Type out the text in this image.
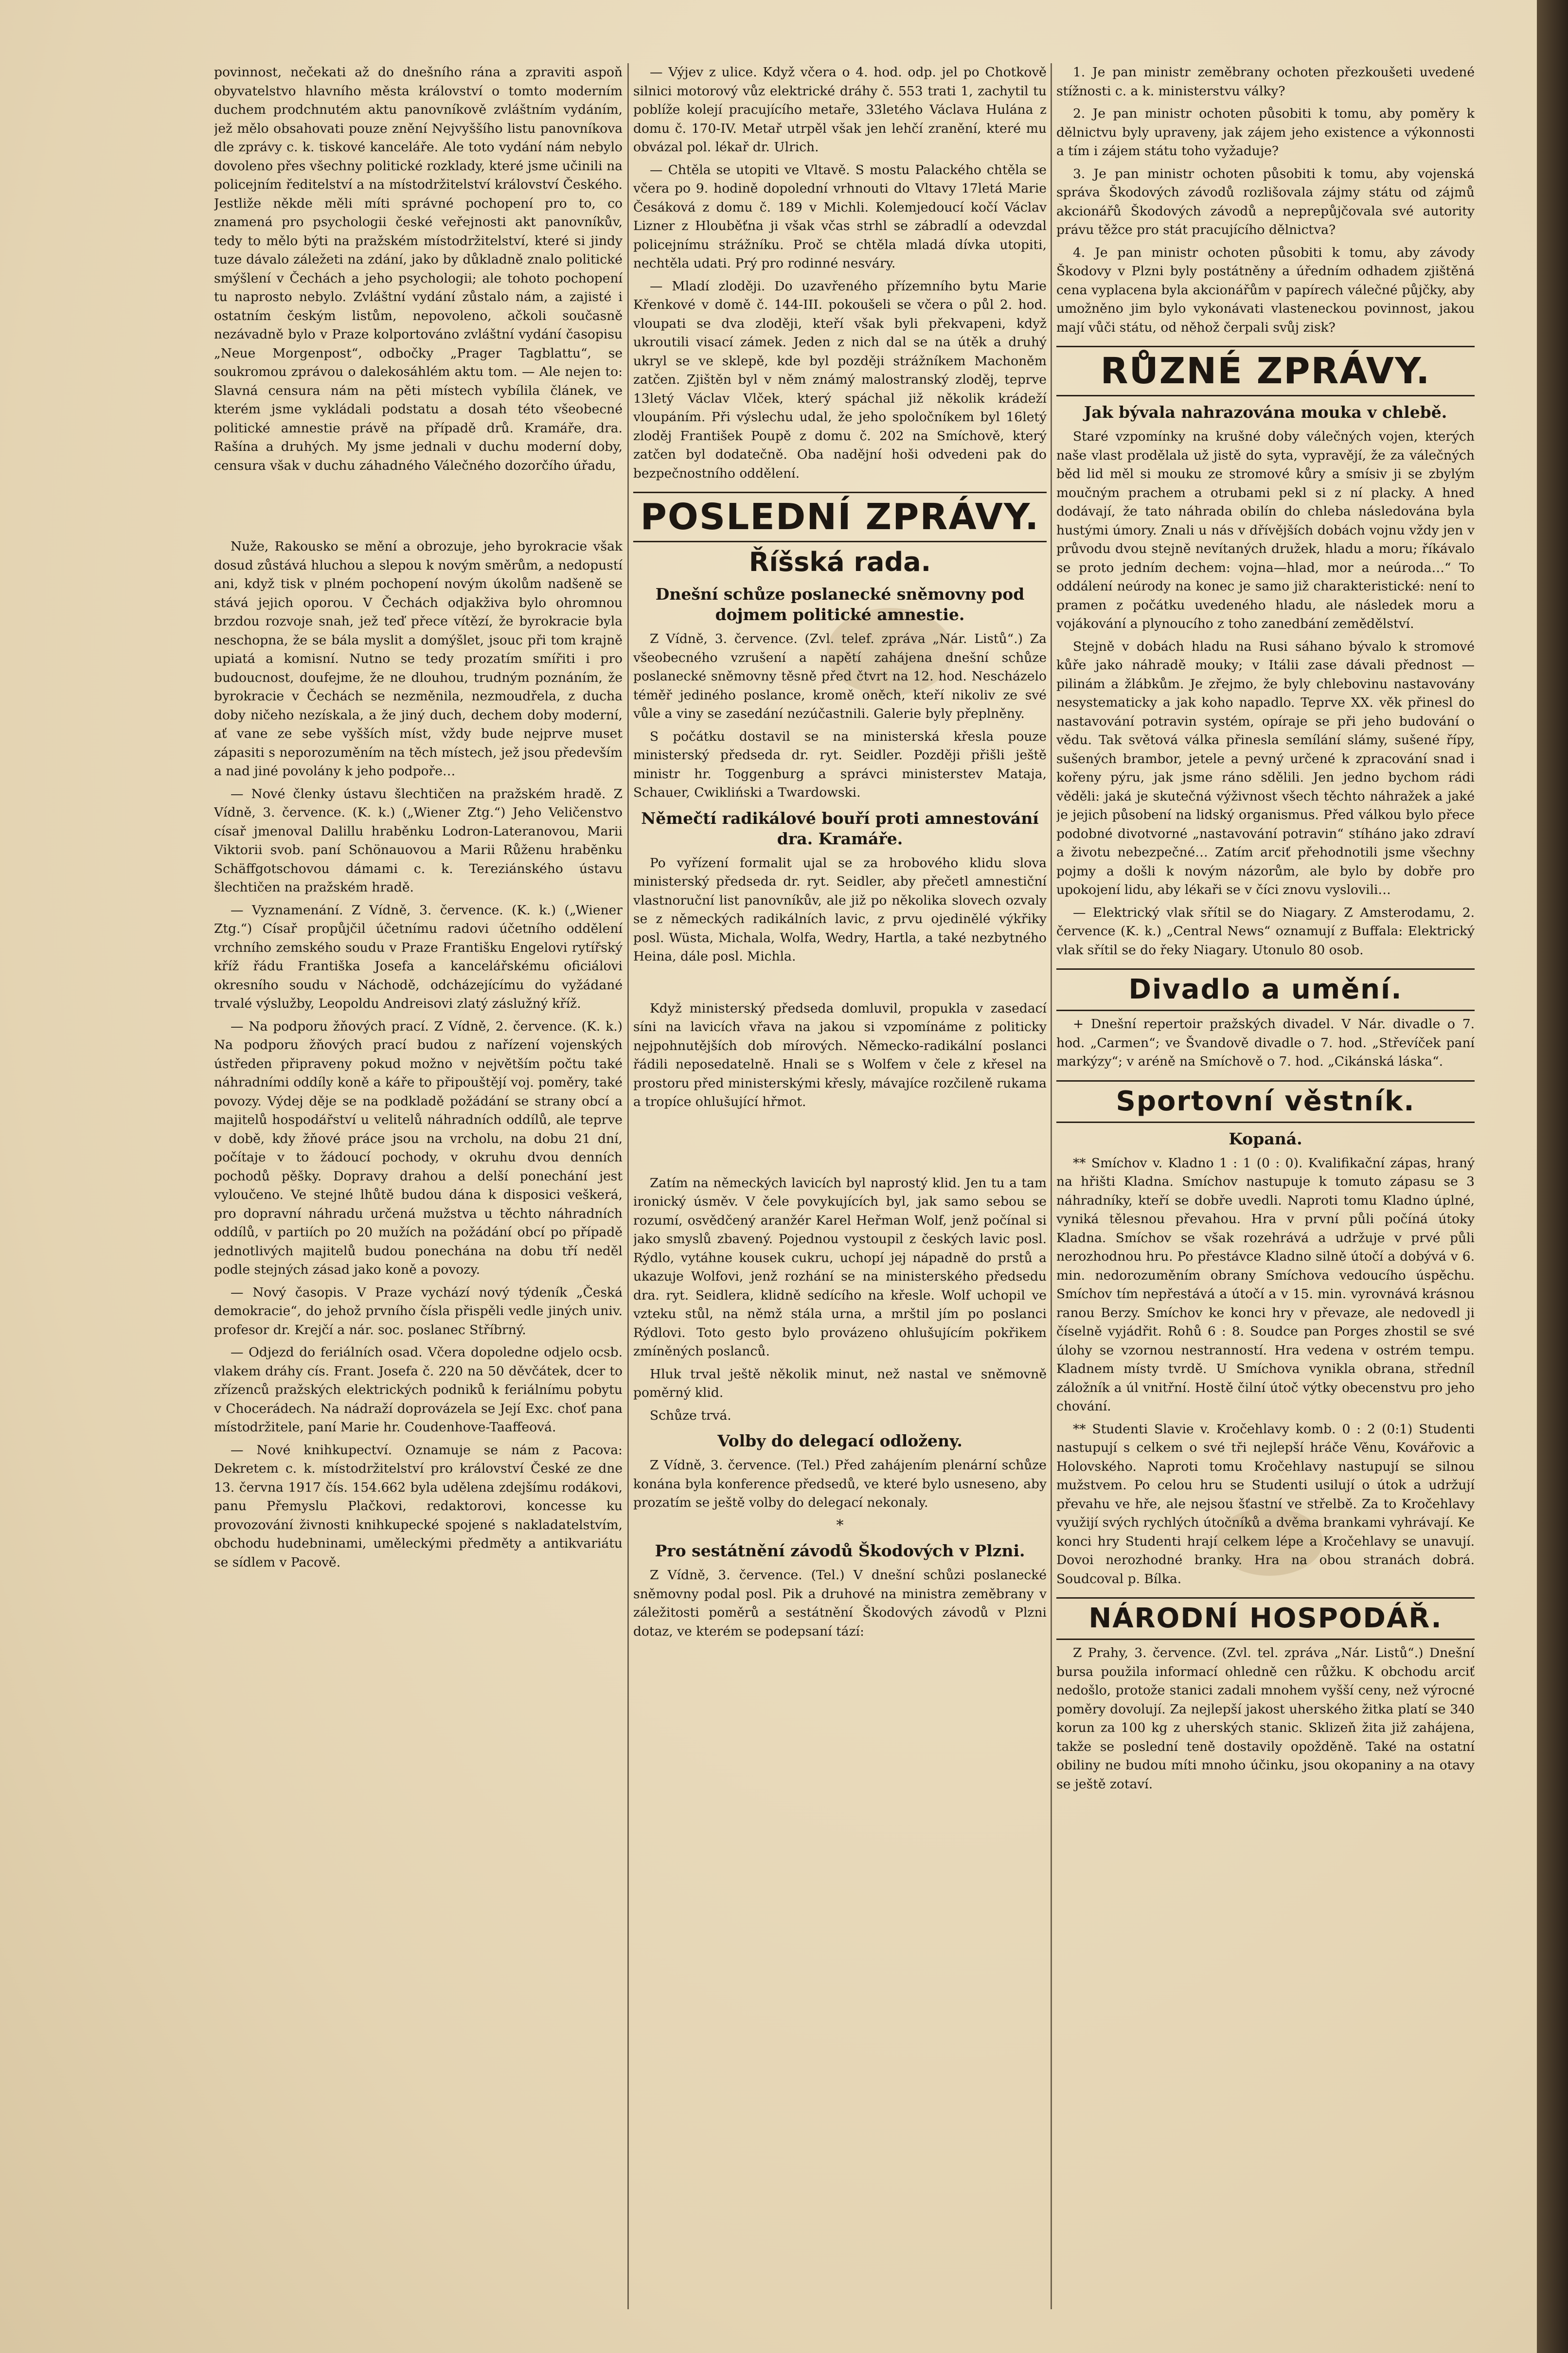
povinnost, nečekati až do dnešního rána a zpraviti aspoň obyvatelstvo hlavního města království o tomto moderním duchem prodchnutém aktu panovníkově zvláštním vydáním, jež mělo obsahovati pouze znění Nejvyššího listu panovníkova dle zprávy c. k. tiskové kanceláře. Ale toto vydání nám nebylo dovoleno přes všechny politické rozklady, které jsme učinili na policejním ředitelství a na místodržitelství království Českého. Jestliže někde měli míti správné pochopení pro to, co znamená pro psychologii české veřejnosti akt panovníkův, tedy to mělo býti na pražském místodržitelství, které si jindy tuze dávalo záležeti na zdání, jako by důkladně znalo politické smýšlení v Čechách a jeho psychologii; ale tohoto pochopení tu naprosto nebylo. Zvláštní vydání zůstalo nám, a zajisté i ostatním českým listům, nepovoleno, ačkoli současně nezávadně bylo v Praze kolportováno zvláštní vydání časopisu „Neue Morgenpost“, odbočky „Prager Tagblattu“, se soukromou zprávou o dalekosáhlém aktu tom. — Ale nejen to: Slavná censura nám na pěti místech vybílila článek, ve kterém jsme vykládali podstatu a dosah této všeobecné politické amnestie právě na případě drů. Kramáře, dra. Rašína a druhých. My jsme jednali v duchu moderní doby, censura však v duchu záhadného Válečného dozorčího úřadu,

Nuže, Rakousko se mění a obrozuje, jeho byrokracie však dosud zůstává hluchou a slepou k novým směrům, a nedopustí ani, když tisk v plném pochopení novým úkolům nadšeně se stává jejich oporou. V Čechách odjakživa bylo ohromnou brzdou rozvoje snah, jež teď přece vítězí, že byrokracie byla neschopna, že se bála myslit a domýšlet, jsouc při tom krajně upiatá a komisní. Nutno se tedy prozatím smířiti i pro budoucnost, doufejme, že ne dlouhou, trudným poznáním, že byrokracie v Čechách se nezměnila, nezmoudřela, z ducha doby ničeho nezískala, a že jiný duch, dechem doby moderní, ať vane ze sebe vyšších míst, vždy bude nejprve muset zápasiti s neporozuměním na těch místech, jež jsou především a nad jiné povolány k jeho podpoře…

— Nové členky ústavu šlechtičen na pražském hradě. Z Vídně, 3. července. (K. k.) („Wiener Ztg.“) Jeho Veličenstvo císař jmenoval Dalillu hraběnku Lodron-Lateranovou, Marii Viktorii svob. paní Schönauovou a Marii Růženu hraběnku Schäffgotschovou dámami c. k. Tereziánského ústavu šlechtičen na pražském hradě.

— Vyznamenání. Z Vídně, 3. července. (K. k.) („Wiener Ztg.“) Císař propůjčil účetnímu radovi účetního oddělení vrchního zemského soudu v Praze Františku Engelovi rytířský kříž řádu Františka Josefa a kancelářskému oficiálovi okresního soudu v Náchodě, odcházejícímu do vyžádané trvalé výslužby, Leopoldu Andreisovi zlatý záslužný kříž.

— Na podporu žňových prací. Z Vídně, 2. července. (K. k.) Na podporu žňových prací budou z nařízení vojenských ústředen připraveny pokud možno v největším počtu také náhradními oddíly koně a káře to připouštějí voj. poměry, také povozy. Výdej děje se na podkladě požádání se strany obcí a majitelů hospodářství u velitelů náhradních oddílů, ale teprve v době, kdy žňové práce jsou na vrcholu, na dobu 21 dní, počítaje v to žádoucí pochody, v okruhu dvou denních pochodů pěšky. Dopravy drahou a delší ponechání jest vyloučeno. Ve stejné lhůtě budou dána k disposici veškerá, pro dopravní náhradu určená mužstva u těchto náhradních oddílů, v partiích po 20 mužích na požádání obcí po případě jednotlivých majitelů budou ponechána na dobu tří neděl podle stejných zásad jako koně a povozy.

— Nový časopis. V Praze vychází nový týdeník „Česká demokracie“, do jehož prvního čísla přispěli vedle jiných univ. profesor dr. Krejčí a nár. soc. poslanec Stříbrný.

— Odjezd do feriálních osad. Včera dopoledne odjelo ocsb. vlakem dráhy cís. Frant. Josefa č. 220 na 50 děvčátek, dcer to zřízenců pražských elektrických podniků k feriálnímu pobytu v Chocerádech. Na nádraží doprovázela se Její Exc. choť pana místodržitele, paní Marie hr. Coudenhove-Taaffeová.

— Nové knihkupectví. Oznamuje se nám z Pacova: Dekretem c. k. místodržitelství pro království České ze dne 13. června 1917 čís. 154.662 byla udělena zdejšímu rodákovi, panu Přemyslu Plačkovi, redaktorovi, koncesse ku provozování živnosti knihkupecké spojené s nakladatelstvím, obchodu hudebninami, uměleckými předměty a antikvariátu se sídlem v Pacově.

— Výjev z ulice. Když včera o 4. hod. odp. jel po Chotkově silnici motorový vůz elektrické dráhy č. 553 trati 1, zachytil tu poblíže kolejí pracujícího metaře, 33letého Václava Hulána z domu č. 170-IV. Metař utrpěl však jen lehčí zranění, které mu obvázal pol. lékař dr. Ulrich.

— Chtěla se utopiti ve Vltavě. S mostu Palackého chtěla se včera po 9. hodině dopolední vrhnouti do Vltavy 17letá Marie Česáková z domu č. 189 v Michli. Kolemjedoucí kočí Václav Lizner z Hlouběťna ji však včas strhl se zábradlí a odevzdal policejnímu strážníku. Proč se chtěla mladá dívka utopiti, nechtěla udati. Prý pro rodinné nesváry.

— Mladí zloději. Do uzavřeného přízemního bytu Marie Křenkové v domě č. 144-III. pokoušeli se včera o půl 2. hod. vloupati se dva zloději, kteří však byli překvapeni, když ukroutili visací zámek. Jeden z nich dal se na útěk a druhý ukryl se ve sklepě, kde byl později strážníkem Machoněm zatčen. Zjištěn byl v něm známý malostranský zloděj, teprve 13letý Václav Vlček, který spáchal již několik krádeží vloupáním. Při výslechu udal, že jeho spoločníkem byl 16letý zloděj František Poupě z domu č. 202 na Smíchově, který zatčen byl dodatečně. Oba nadějní hoši odvedeni pak do bezpečnostního oddělení.

POSLEDNÍ ZPRÁVY.
Říšská rada.
Dnešní schůze poslanecké sněmovny pod dojmem politické amnestie.

Z Vídně, 3. července. (Zvl. telef. zpráva „Nár. Listů“.) Za všeobecného vzrušení a napětí zahájena dnešní schůze poslanecké sněmovny těsně před čtvrt na 12. hod. Nescházelo téměř jediného poslance, kromě oněch, kteří nikoliv ze své vůle a viny se zasedání nezúčastnili. Galerie byly přeplněny.

S počátku dostavil se na ministerská křesla pouze ministerský předseda dr. ryt. Seidler. Později přišli ještě ministr hr. Toggenburg a správci ministerstev Mataja, Schauer, Cwikliński a Twardowski.

Němečtí radikálové bouří proti amnestování dra. Kramáře.

Po vyřízení formalit ujal se za hrobového klidu slova ministerský předseda dr. ryt. Seidler, aby přečetl amnestiční vlastnoruční list panovníkův, ale již po několika slovech ozvaly se z německých radikálních lavic, z prvu ojedinělé výkřiky posl. Wüsta, Michala, Wolfa, Wedry, Hartla, a také nezbytného Heina, dále posl. Michla.

Když ministerský předseda domluvil, propukla v zasedací síni na lavicích vřava na jakou si vzpomínáme z politicky nejpohnutějších dob mírových. Německo-radikální poslanci řádili neposedatelně. Hnali se s Wolfem v čele z křesel na prostoru před ministerskými křesly, mávajíce rozčileně rukama a tropíce ohlušující hřmot.

Zatím na německých lavicích byl naprostý klid. Jen tu a tam ironický úsměv. V čele povykujících byl, jak samo sebou se rozumí, osvědčený aranžér Karel Heřman Wolf, jenž počínal si jako smyslů zbavený. Pojednou vystoupil z českých lavic posl. Rýdlo, vytáhne kousek cukru, uchopí jej nápadně do prstů a ukazuje Wolfovi, jenž rozhání se na ministerského předsedu dra. ryt. Seidlera, klidně sedícího na křesle. Wolf uchopil ve vzteku stůl, na němž stála urna, a mrštil jím po poslanci Rýdlovi. Toto gesto bylo provázeno ohlušujícím pokřikem zmíněných poslanců.

Hluk trval ještě několik minut, než nastal ve sněmovně poměrný klid.

Schůze trvá.

Volby do delegací odloženy.

Z Vídně, 3. července. (Tel.) Před zahájením plenární schůze konána byla konference předsedů, ve které bylo usneseno, aby prozatím se ještě volby do delegací nekonaly.

*
Pro sestátnění závodů Škodových v Plzni.

Z Vídně, 3. července. (Tel.) V dnešní schůzi poslanecké sněmovny podal posl. Pik a druhové na ministra zeměbrany v záležitosti poměrů a sestátnění Škodových závodů v Plzni dotaz, ve kterém se podepsaní tází:

1. Je pan ministr zeměbrany ochoten přezkoušeti uvedené stížnosti c. a k. ministerstvu války?

2. Je pan ministr ochoten působiti k tomu, aby poměry k dělnictvu byly upraveny, jak zájem jeho existence a výkonnosti a tím i zájem státu toho vyžaduje?

3. Je pan ministr ochoten působiti k tomu, aby vojenská správa Škodových závodů rozlišovala zájmy státu od zájmů akcionářů Škodových závodů a neprepůjčovala své autority právu těžce pro stát pracujícího dělnictva?

4. Je pan ministr ochoten působiti k tomu, aby závody Škodovy v Plzni byly postátněny a úředním odhadem zjištěná cena vyplacena byla akcionářům v papírech válečné půjčky, aby umožněno jim bylo vykonávati vlasteneckou povinnost, jakou mají vůči státu, od něhož čerpali svůj zisk?

RŮZNÉ ZPRÁVY.
Jak bývala nahrazována mouka v chlebě.

Staré vzpomínky na krušné doby válečných vojen, kterých naše vlast prodělala už jistě do syta, vypravějí, že za válečných běd lid měl si mouku ze stromové kůry a smísiv ji se zbylým moučným prachem a otrubami pekl si z ní placky. A hned dodávají, že tato náhrada obilín do chleba následována byla hustými úmory. Znali u nás v dřívějších dobách vojnu vždy jen v průvodu dvou stejně nevítaných družek, hladu a moru; říkávalo se proto jedním dechem: vojna—hlad, mor a neúroda…“ To oddálení neúrody na konec je samo již charakteristické: není to pramen z počátku uvedeného hladu, ale následek moru a vojákování a plynoucího z toho zanedbání zemědělství.

Stejně v dobách hladu na Rusi sáhano bývalo k stromové kůře jako náhradě mouky; v Itálii zase dávali přednost — pilinám a žlábkům. Je zřejmo, že byly chlebovinu nastavovány nesystematicky a jak koho napadlo. Teprve XX. věk přinesl do nastavování potravin systém, opíraje se při jeho budování o vědu. Tak světová válka přinesla semílání slámy, sušené řípy, sušených brambor, jetele a pevný určené k zpracování snad i kořeny pýru, jak jsme ráno sdělili. Jen jedno bychom rádi věděli: jaká je skutečná výživnost všech těchto náhražek a jaké je jejich působení na lidský organismus. Před válkou bylo přece podobné divotvorné „nastavování potravin“ stíháno jako zdraví a životu nebezpečné… Zatím arciť přehodnotili jsme všechny pojmy a došli k novým názorům, ale bylo by dobře pro upokojení lidu, aby lékaři se v číci znovu vyslovili…

— Elektrický vlak sřítil se do Niagary. Z Amsterodamu, 2. července (K. k.) „Central News“ oznamují z Buffala: Elektrický vlak sřítil se do řeky Niagary. Utonulo 80 osob.

Divadlo a umění.

+ Dnešní repertoir pražských divadel. V Nár. divadle o 7. hod. „Carmen“; ve Švandově divadle o 7. hod. „Střevíček paní markýzy“; v aréně na Smíchově o 7. hod. „Cikánská láska“.

Sportovní věstník.
Kopaná.

** Smíchov v. Kladno 1 : 1 (0 : 0). Kvalifikační zápas, hraný na hřišti Kladna. Smíchov nastupuje k tomuto zápasu se 3 náhradníky, kteří se dobře uvedli. Naproti tomu Kladno úplné, vyniká tělesnou převahou. Hra v první půli počíná útoky Kladna. Smíchov se však rozehrává a udržuje v prvé půli nerozhodnou hru. Po přestávce Kladno silně útočí a dobývá v 6. min. nedorozuměním obrany Smíchova vedoucího úspěchu. Smíchov tím nepřestává a útočí a v 15. min. vyrovnává krásnou ranou Berzy. Smíchov ke konci hry v převaze, ale nedovedl ji číselně vyjádřit. Rohů 6 : 8. Soudce pan Porges zhostil se své úlohy se vzornou nestranností. Hra vedena v ostrém tempu. Kladnem místy tvrdě. U Smíchova vynikla obrana, středníl záložník a úl vnitřní. Hostě čilní útoč výtky obecenstvu pro jeho chování.

** Studenti Slavie v. Kročehlavy komb. 0 : 2 (0:1) Studenti nastupují s celkem o své tři nejlepší hráče Věnu, Kovářovic a Holovského. Naproti tomu Kročehlavy nastupují se silnou mužstvem. Po celou hru se Studenti usilují o útok a udržují převahu ve hře, ale nejsou šťastní ve střelbě. Za to Kročehlavy využijí svých rychlých útočníků a dvěma brankami vyhrávají. Ke konci hry Studenti hrají celkem lépe a Kročehlavy se unavují. Dovoi nerozhodné branky. Hra na obou stranách dobrá. Soudcoval p. Bílka.

NÁRODNÍ HOSPODÁŘ.

Z Prahy, 3. července. (Zvl. tel. zpráva „Nár. Listů“.) Dnešní bursa použila informací ohledně cen růžku. K obchodu arciť nedošlo, protože stanici zadali mnohem vyšší ceny, než výrocné poměry dovolují. Za nejlepší jakost uherského žitka platí se 340 korun za 100 kg z uherských stanic. Sklizeň žita již zahájena, takže se poslední teně dostavily opožděně. Také na ostatní obiliny ne budou míti mnoho účinku, jsou okopaniny a na otavy se ještě zotaví.
